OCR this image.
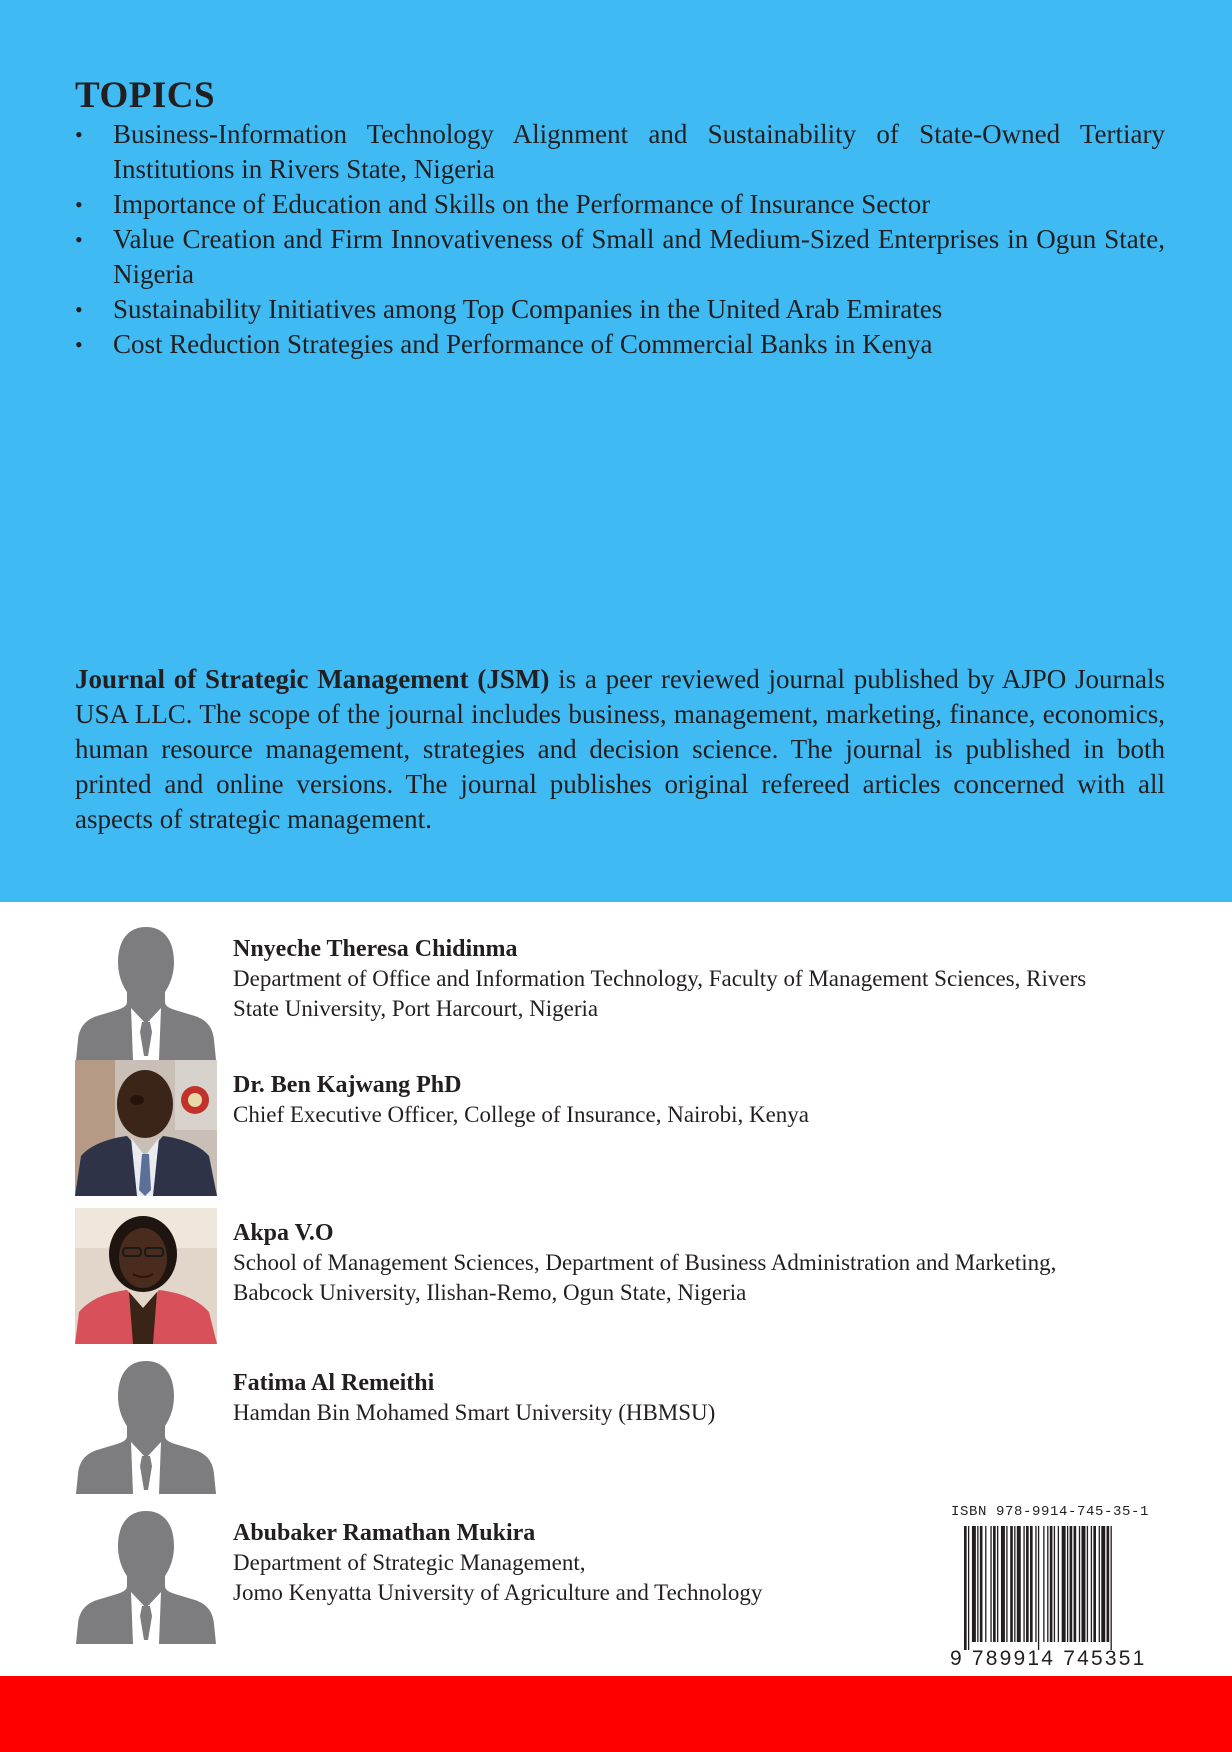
TOPICS
• Business-Information Technology Alignment and Sustainability of State-Owned Tertiary Institutions in Rivers State, Nigeria
• Importance of Education and Skills on the Performance of Insurance Sector
• Value Creation and Firm Innovativeness of Small and Medium-Sized Enterprises in Ogun State, Nigeria
• Sustainability Initiatives among Top Companies in the United Arab Emirates
• Cost Reduction Strategies and Performance of Commercial Banks in Kenya

Journal of Strategic Management (JSM) is a peer reviewed journal published by AJPO Journals USA LLC. The scope of the journal includes business, management, marketing, finance, economics, human resource management, strategies and decision science. The journal is published in both printed and online versions. The journal publishes original refereed articles concerned with all aspects of strategic management.

Nnyeche Theresa Chidinma
Department of Office and Information Technology, Faculty of Management Sciences, Rivers
State University, Port Harcourt, Nigeria
Dr. Ben Kajwang PhD
Chief Executive Officer, College of Insurance, Nairobi, Kenya
Akpa V.O
School of Management Sciences, Department of Business Administration and Marketing,
Babcock University, Ilishan-Remo, Ogun State, Nigeria
Fatima Al Remeithi
Hamdan Bin Mohamed Smart University (HBMSU)
Abubaker Ramathan Mukira
Department of Strategic Management,
Jomo Kenyatta University of Agriculture and Technology
ISBN 978-9914-745-35-1
9 789914 745351
